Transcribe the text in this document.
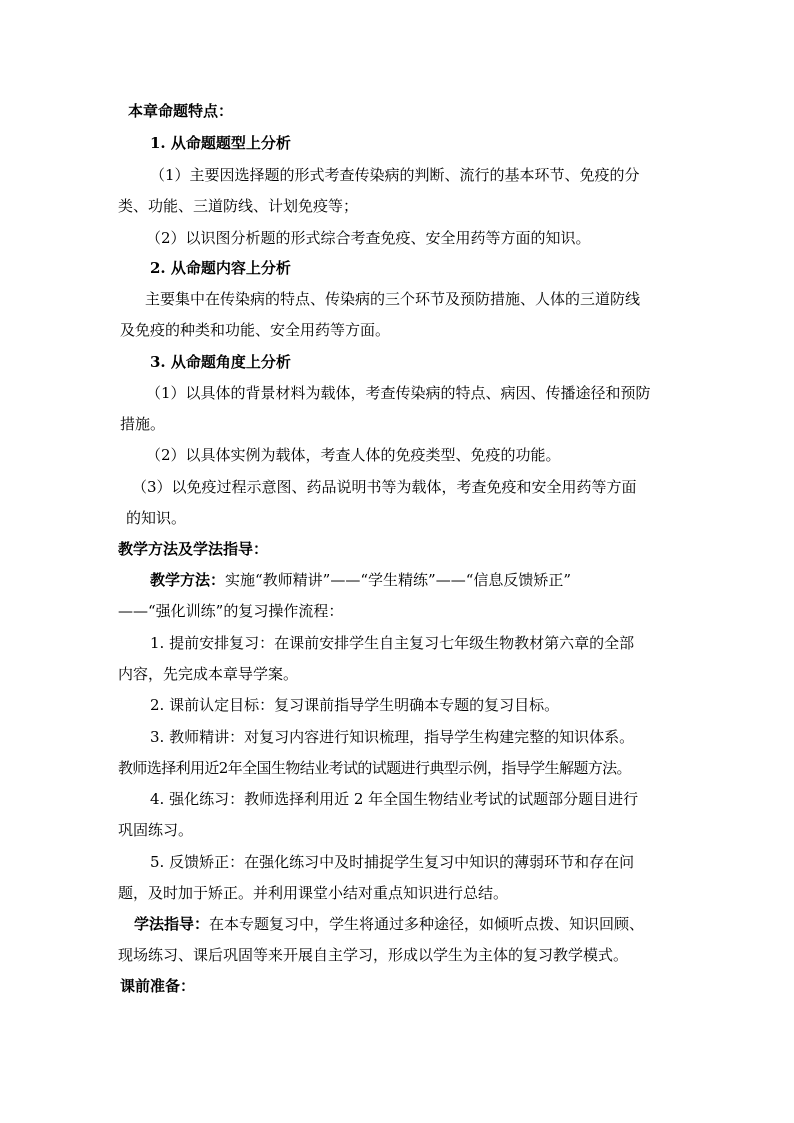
本章命题特点：
1. 从命题题型上分析
（1）主要因选择题的形式考查传染病的判断、流行的基本环节、免疫的分
类、功能、三道防线、计划免疫等；
（2）以识图分析题的形式综合考查免疫、安全用药等方面的知识。
2. 从命题内容上分析
主要集中在传染病的特点、传染病的三个环节及预防措施、人体的三道防线
及免疫的种类和功能、安全用药等方面。
3. 从命题角度上分析
（1）以具体的背景材料为载体，考查传染病的特点、病因、传播途径和预防
措施。
（2）以具体实例为载体，考查人体的免疫类型、免疫的功能。
（3）以免疫过程示意图、药品说明书等为载体，考查免疫和安全用药等方面
的知识。
教学方法及学法指导：
教学方法：实施“教师精讲”——“学生精练”——“信息反馈矫正”
——“强化训练”的复习操作流程：
1. 提前安排复习：在课前安排学生自主复习七年级生物教材第六章的全部
内容，先完成本章导学案。
2. 课前认定目标：复习课前指导学生明确本专题的复习目标。
3. 教师精讲：对复习内容进行知识梳理，指导学生构建完整的知识体系。
教师选择利用近2年全国生物结业考试的试题进行典型示例，指导学生解题方法。
4. 强化练习：教师选择利用近 2 年全国生物结业考试的试题部分题目进行
巩固练习。
5. 反馈矫正：在强化练习中及时捕捉学生复习中知识的薄弱环节和存在问
题，及时加于矫正。并利用课堂小结对重点知识进行总结。
学法指导：在本专题复习中，学生将通过多种途径，如倾听点拨、知识回顾、
现场练习、课后巩固等来开展自主学习，形成以学生为主体的复习教学模式。
课前准备：
